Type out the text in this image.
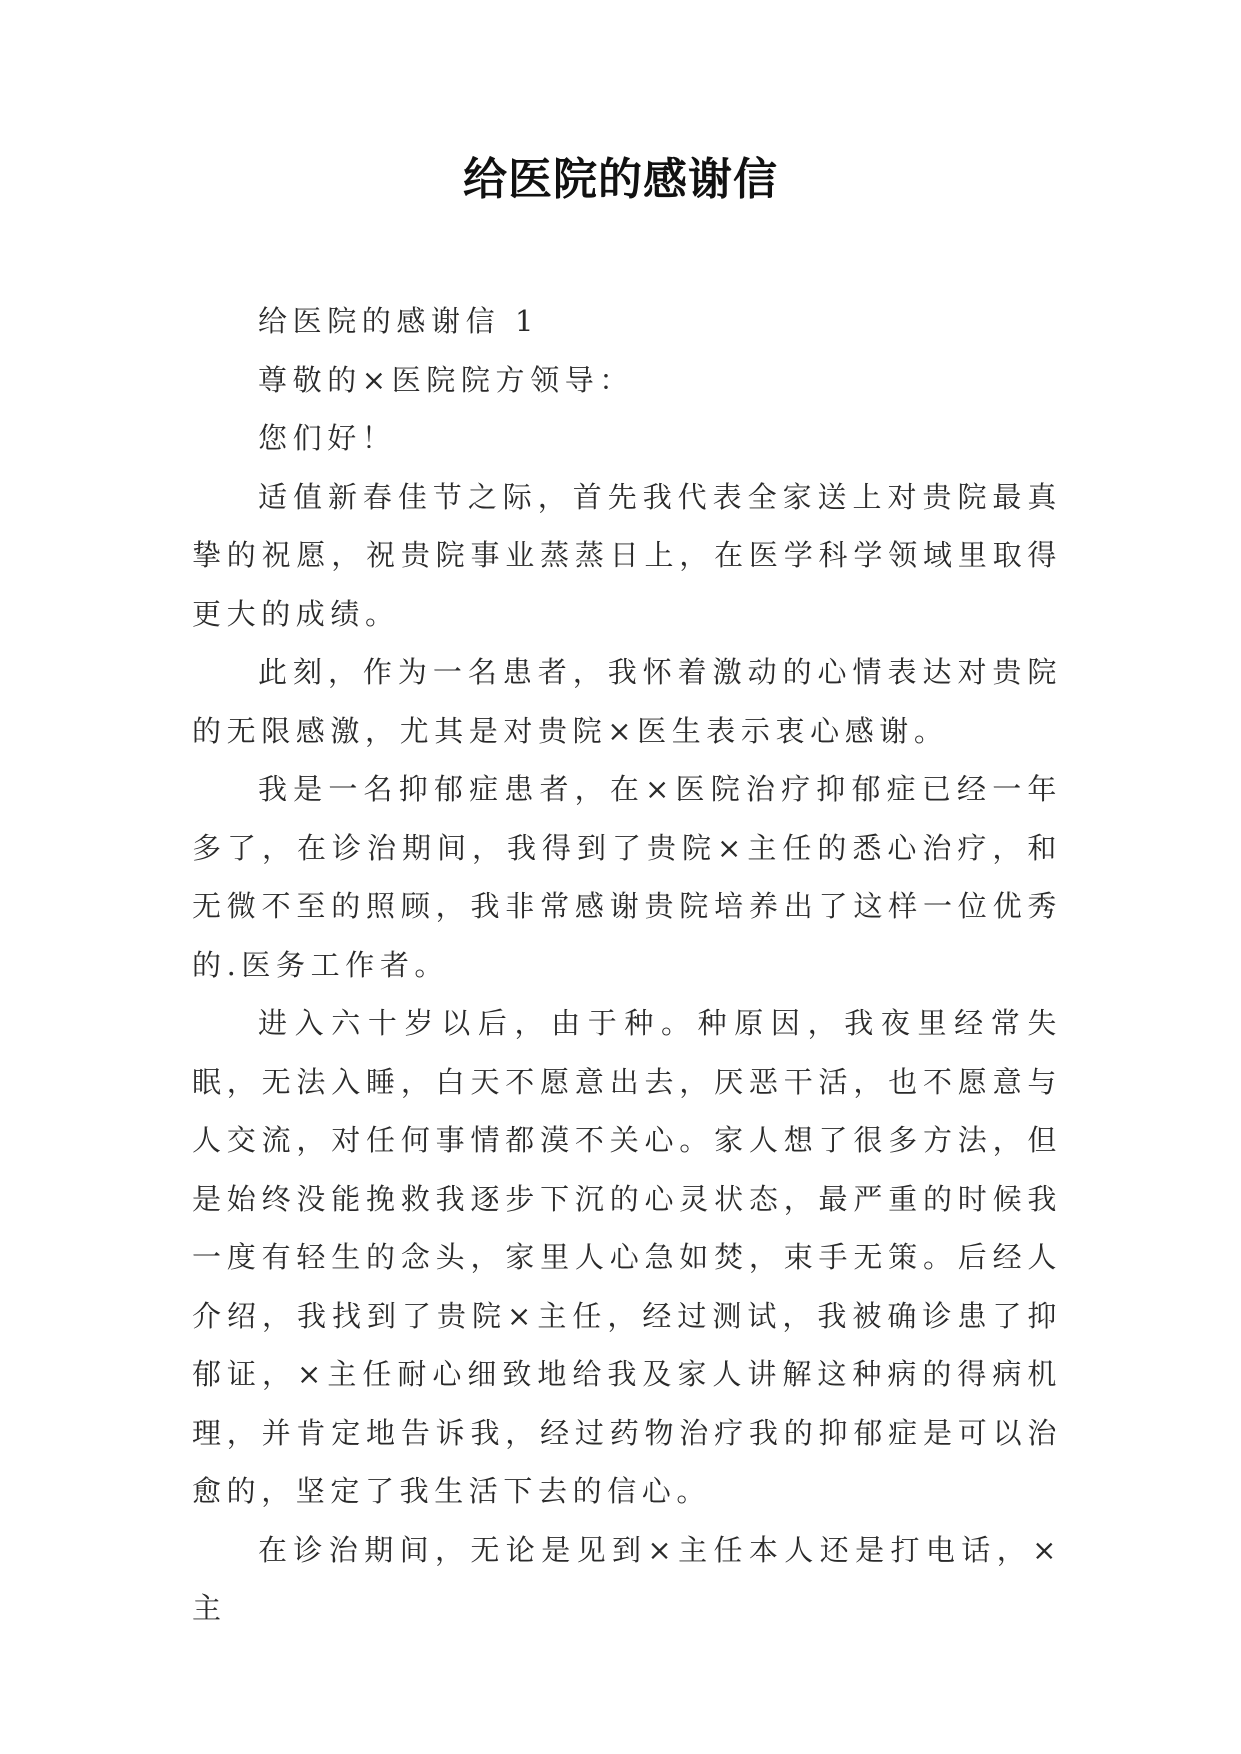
给医院的感谢信

给医院的感谢信 1

尊敬的×医院院方领导：

您们好！

适值新春佳节之际，首先我代表全家送上对贵院最真挚的祝愿，祝贵院事业蒸蒸日上，在医学科学领域里取得更大的成绩。

此刻，作为一名患者，我怀着激动的心情表达对贵院的无限感激，尤其是对贵院×医生表示衷心感谢。

我是一名抑郁症患者，在×医院治疗抑郁症已经一年多了，在诊治期间，我得到了贵院×主任的悉心治疗，和无微不至的照顾，我非常感谢贵院培养出了这样一位优秀的.医务工作者。

进入六十岁以后，由于种。种原因，我夜里经常失眠，无法入睡，白天不愿意出去，厌恶干活，也不愿意与人交流，对任何事情都漠不关心。家人想了很多方法，但是始终没能挽救我逐步下沉的心灵状态，最严重的时候我一度有轻生的念头，家里人心急如焚，束手无策。后经人介绍，我找到了贵院×主任，经过测试，我被确诊患了抑郁证，×主任耐心细致地给我及家人讲解这种病的得病机理，并肯定地告诉我，经过药物治疗我的抑郁症是可以治愈的，坚定了我生活下去的信心。

在诊治期间，无论是见到×主任本人还是打电话，×主
